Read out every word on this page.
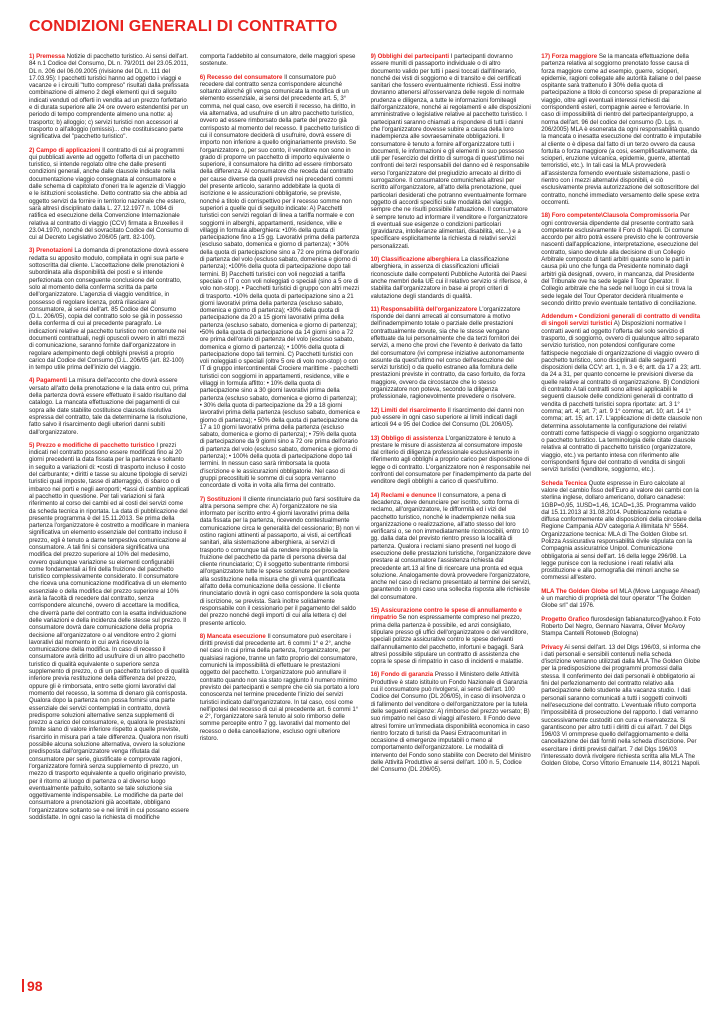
CONDIZIONI GENERALI DI CONTRATTO

1) Premessa Notizie di pacchetto turistico. Ai sensi dell'art. 84 n.1 Codice del Consumo, DL n. 79/2011 del 23.05.2011, DL n. 206 del 06.09.2005 (rivisione del DL n. 111 del 17.03.95): I pacchetti turistici hanno ad oggetto i viaggi e vacanze e i circuiti "tutto compreso" risultati dalla prefissata combinazione di almeno 2 degli elementi qui di seguito indicati venduti od offerti in vendita ad un prezzo forfettario e di durata superiore alle 24 ore ovvero estendentisi per un periodo di tempo comprendente almeno una notte: a) trasporto; b) alloggio; c) servizi turistici non accessori al trasporto o all'alloggio (omissis)... che costituiscano parte significativa del "pacchetto turistico".

2) Campo di applicazioni Il contratto di cui ai programmi qui pubblicati avente ad oggetto l'offerta di un pacchetto turistico, si intende regolato oltre che dalle presenti condizioni generali, anche dalle clausole indicate nella documentazione viaggio consegnata al consumatore e dalle schema di capitolato d'oneri tra le agenzie di Viaggio e le istituzioni scolastiche. Detto contratto sia che abbia ad oggetto servizi da fornire in territorio nazionale che estero, sarà altresì disciplinato dalla L. 27.12.1977 n. 1084 di ratifica ed esecuzione della Convenzione Internazionale relativa al contratto di viaggio (CCV) firmata a Bruxelles il 23.04.1970, nonché del sovracitato Codice del Consumo di cui al Decreto Legislativo 206/05 (artt. 82-100).

3) Prenotazioni La domanda di prenotazione dovrà essere redatta su apposito modulo, compilata in ogni sua parte e sottoscritta dal cliente. L'accettazione delle prenotazioni è subordinata alla disponibilità dei posti e si intende perfezionata con conseguente conclusione del contratto, solo al momento della conferma scritta da parte dell'organizzatore. L'agenzia di viaggio venditrice, in possesso di regolare licenza, potrà rilasciare al consumatore, ai sensi dell'art. 85 Codice del Consumo (D.L. 206/05), copia del contratto solo se già in possesso della conferma di cui al precedente paragrafo. Le indicazioni relative al pacchetto turistico non contenute nei documenti contrattuali, negli opuscoli ovvero in altri mezzi di comunicazione, saranno fornite dall'organizzatore in regolare adempimento degli obblighi previsti a proprio carico dal Codice del Consumo (D.L. 206/05 (art. 82-100) in tempo utile prima dell'inizio del viaggio.

4) Pagamenti La misura dell'acconto che dovrà essere versato all'atto della prenotazione e la data entro cui, prima della partenza dovrà essere effettuato il saldo risultano dal catalogo. La mancata effettuazione dei pagamenti di cui sopra alle date stabilite costituisce clausola risolutiva espressa del contratto, tale da determinarne la risoluzione, fatto salvo il risarcimento degli ulteriori danni subiti dall'organizzatore.

5) Prezzo e modifiche di pacchetto turistico I prezzi indicati nel contratto possono essere modificati fino ai 20 giorni precedenti la data fissata per la partenza e soltanto in seguito a variazioni di: •costi di trasporto incluso il costo del carburante; • diritti e tasse su alcune tipologie di servizi turistici quali imposte, tasse di atterraggio, di sbarco o di imbarco nei porti e negli aeroporti; •tassi di cambio applicati al pacchetto in questione. Per tali variazioni si farà riferimento al corso dei cambi ed ai costi dei servizi come da scheda tecnica in riportata. La data di pubblicazione del presente programma è del 15.11.2013. Se prima della partenza l'organizzatore è costretto a modificare in maniera significativa un elemento essenziale del contratto incluso il prezzo, egli è tenuto a darne tempestiva comunicazione al consumatore. A tali fini si considera significativa una modifica del prezzo superiore al 10% del medesimo, ovvero qualunque variazione su elementi configurabili come fondamentali ai fini della fruizione del pacchetto turistico complessivamente considerato. Il consumatore che riceva una comunicazione modificativa di un elemento essenziale o della modifica del prezzo superiore al 10% avrà la facoltà di recedere dal contratto, senza corrispondere alcunché, ovvero di accettare la modifica, che diverrà parte del contratto con la esatta individuazione delle variazioni e della incidenza delle stesse sul prezzo. Il consumatore dovrà dare comunicazione della propria decisione all'organizzatore o al venditore entro 2 giorni lavorativi dal momento in cui avrà ricevuto la comunicazione della modifica. In caso di recesso il consumatore avrà diritto ad usufruire di un altro pacchetto turistico di qualità equivalente o superiore senza supplemento di prezzo, o di un pacchetto turistico di qualità inferiore previa restituzione della differenza del prezzo, oppure gli è rimborsata, entro sette giorni lavorativi dal momento del recesso, la somma di denaro già corrisposta. Qualora dopo la partenza non possa fornirsi una parte essenziale dei servizi contemplati in contratto, dovrà predisporre soluzioni alternative senza supplementi di prezzo a carico del consumatore, e, qualora le prestazioni fornite siano di valore inferiore rispetto a quelle previste, risarcirlo in misura pari a tale differenza. Qualora non risulti possibile alcuna soluzione alternativa, ovvero la soluzione predisposta dall'organizzatore venga rifiutata dal consumatore per serie, giustificate e comprovate ragioni, l'organizzatore fornirà senza supplemento di prezzo, un mezzo di trasporto equivalente a quello originario previsto, per il ritorno al luogo di partenza o al diverso luogo eventualmente pattuito, soltanto se tale soluzione sia oggettivamente indispensabile. Le modifiche da parte del consumatore a prenotazioni già accettate, obbligano l'organizzatore soltanto se e nei limiti in cui possano essere soddisfatte. In ogni caso la richiesta di modifiche

comporta l'addebito al consumatore, delle maggiori spese sostenute.

6) Recesso del consumatore Il consumatore può recedere dal contratto senza corrispondere alcunché soltanto allorché gli venga comunicata la modifica di un elemento essenziale, ai sensi del precedente art. 5, 3° comma, nel qual caso, ove eserciti il recesso, ha diritto, in via alternativa, ad usufruire di un altro pacchetto turistico, ovvero ad essere rimborsato della parte del prezzo già corrisposto al momento del recesso. Il pacchetto turistico di cui il consumatore deciderà di usufruire, dovrà essere di importo non inferiore a quello originariamente previsto. Se l'organizzatore o, per suo conto, il venditore non sono in grado di proporre un pacchetto di importo equivalente o superiore, il consumatore ha diritto ad essere rimborsato della differenza. Al consumatore che receda dal contratto per cause diverse da quelli previsti nei precedenti commi del presente articolo, saranno addebitate la quota di iscrizione e le assicurazioni obbligatorie, se previste, nonché a titolo di corrispettivo per il recesso somme non superiori a quelle qui di seguito indicate: A) Pacchetti turistici con servizi regolari di linea a tariffa normale e con soggiorni in alberghi, appartamenti, residence, ville e villaggi in formula alberghiera: •10% della quota di partecipazione fino a 15 gg. Lavorativi prima della partenza (escluso sabato, domenica e giorno di partenza); • 30% della quota di partecipazione sino a 72 ore prima dell'orario di partenza del volo (escluso sabato, domenica e giorno di partenza); •100% della quota di partecipazione dopo tali termini. B) Pacchetti turistici con voli negoziati a tariffa speciale o IT o con voli noleggiati o speciali (sino a 5 ore di volo non-stop). • Pacchetti turistici di gruppo con altri mezzi di trasporto. •10% della quota di partecipazione sino a 21 giorni lavorativi prima della partenza (escluso sabato, domenica e giorno di partenza); •30% della quota di partecipazione da 20 a 15 giorni lavorativi prima della partenza (escluso sabato, domenica e giorno di partenza); •50% della quota di partecipazione da 14 giorni sino a 72 ore prima dell'orario di partenza del volo (escluso sabato, domenica e giorno di partenza); • 100% della quota di partecipazione dopo tali termini. C) Pacchetti turistici con voli noleggiati o speciali (oltre 5 ore di volo non-stop) o con IT di gruppo intercontinentali Crociere marittime - pacchetti turistici con soggiorni in appartamenti, residence, ville e villaggi in formula affitto: • 10% della quota di partecipazione sino a 30 giorni lavorativi prima della partenza (escluso sabato, domenica e giorno di partenza); • 30% della quota di partecipazione da 29 a 18 giorni lavorativi prima della partenza (escluso sabato, domenica e giorno di partenza); • 50% della quota di partecipazione da 17 a 10 giorni lavorativi prima della partenza (escluso sabato, domenica e giorno di partenza); • 75% della quota di partecipazione da 9 giorni sino a 72 ore prima dell'orario di partenza del volo (escluso sabato, domenica e giorno di partenza); • 100% della quota di partecipazione dopo tali termini. In nessun caso sarà rimborsata la quota d'iscrizione e le assicurazioni obbligatorie. Nel caso di gruppi precostituiti le somme di cui sopra verranno concordate di volta in volta alla firma del contratto.

7) Sostituzioni Il cliente rinunciatario può farsi sostituire da altra persona sempre che: A) l'organizzatore ne sia informato per iscritto entro 4 giorni lavorativi prima della data fissata per la partenza, ricevendo contestualmente comunicazione circa le generalità del cessionario; B) non vi ostino ragioni attinenti al passaporto, ai visti, ai certificati sanitari, alla sistemazione alberghiera, ai servizi di trasporto o comunque tali da rendere impossibile la fruizione del pacchetto da parte di persona diversa dal cliente rinunciatario; C) il soggetto subentrante rimborsi all'organizzatore tutte le spese sostenute per procedere alla sostituzione nella misura che gli verrà quantificata all'atto della comunicazione della cessione. Il cliente rinunciatario dovrà in ogni caso corrispondere la sola quota di iscrizione, se prevista. Sarà inoltre solidalmente responsabile con il cessionario per il pagamento del saldo del prezzo nonché degli importi di cui alla lettera c) del presente articolo.

8) Mancata esecuzione Il consumatore può esercitare i diritti previsti dal precedente art. 6 commi 1° e 2°, anche nel caso in cui prima della partenza, l'organizzatore, per qualsiasi ragione, tranne un fatto proprio del consumatore, comunichi la impossibilità di effettuare le prestazioni oggetto del pacchetto. L'organizzatore può annullare il contratto quando non sia stato raggiunto il numero minimo previsto dei partecipanti e sempre che ciò sia portato a loro conoscenza nel termine precedente l'inizio dei servizi turistici indicato dall'organizzatore. In tal caso, così come nell'ipotesi del recesso di cui al precedente art. 6 commi 1° e 2°, l'organizzatore sarà tenuto al solo rimborso delle somme percepite entro 7 gg. lavorativi dal momento del recesso o della cancellazione, escluso ogni ulteriore ristoro.

9) Obblighi dei partecipanti I partecipanti dovranno essere muniti di passaporto individuale o di altro documento valido per tutti i paesi toccati dall'itinerario, nonché dei visti di soggiorno e di transito e dei certificati sanitari che fossero eventualmente richiesti. Essi inoltre dovranno attenersi all'osservanza delle regole di normale prudenza e diligenza, a tutte le informazioni forniteagli dall'organizzatore, nonché ai regolamenti e alle disposizioni amministrative o legislative relative al pacchetto turistico. I partecipanti saranno chiamati a rispondere di tutti i danni che l'organizzatore dovesse subire a causa della loro inadempienza alle sovraesaminate obbligazioni. Il consumatore è tenuto a fornire all'organizzatore tutti i documenti, le informazioni e gli elementi in suo possesso utili per l'esercizio del diritto di surroga di quest'ultimo nei confronti dei terzi responsabili del danno ed è responsabile verso l'organizzatore del pregiudizio arrecato al diritto di surrogazione. Il consumatore comunicherà altresì per iscritto all'organizzatore, all'atto della prenotazione, quei particolari desiderati che potranno eventualmente formare oggetto di accordi specifici sulle modalità del viaggio, sempre che ne risulti possibile l'attuazione. Il consumatore è sempre tenuto ad informare il venditore e l'organizzatore di eventuali sue esigenze o condizioni particolari (gravidanza, intolleranze alimentari, disabilità, etc...) e a specificare esplicitamente la richiesta di relativi servizi personalizzati.

10) Classificazione alberghiera La classificazione alberghiera, in assenza di classificazioni ufficiali riconosciute dalle competenti Pubbliche Autorità dei Paesi anche membri della UE cui il relativo servizio si riferisce, è stabilita dall'organizzatore in base ai propri criteri di valutazione degli standards di qualità.

11) Responsabilità dell'organizzatore L'organizzatore risponde dei danni arrecati al consumatore a motivo dell'inadempimento totale o parziale delle prestazioni contrattualmente dovute, sia che le stesse vengano effettuate da lui personalmente che da terzi fornitori dei servizi, a meno che provi che l'evento è derivato da fatto del consumatore (ivi comprese iniziative autonomamente assunte da quest'ultimo nel corso dell'esecuzione dei servizi turistici) o da quello estraneo alla fornitura delle prestazioni previste in contratto, da caso fortuito, da forza maggiore, ovvero da circostanze che lo stesso organizzatore non poteva, secondo la diligenza professionale, ragionevolmente prevedere o risolvere.

12) Limiti del risarcimento Il risarcimento dei danni non può essere in ogni caso superiore ai limiti indicati dagli articoli 94 e 95 del Codice del Consumo (DL 206/05).

13) Obbligo di assistenza L'organizzatore è tenuto a prestare le misure di assistenza al consumatore imposte dal criterio di diligenza professionale esclusivamente in riferimento agli obblighi a proprio carico per disposizione di legge o di contratto. L'organizzatore non è responsabile nei confronti del consumatore per l'inadempimento da parte del venditore degli obblighi a carico di quest'ultimo.

14) Reclami e denunce Il consumatore, a pena di decadenza, deve denunciare per iscritto, sotto forma di reclamo, all'organizzatore, le difformità ed i vizi del pacchetto turistico, nonché le inadempienze nella sua organizzazione o realizzazione, all'atto stesso del loro verificarsi o, se non immediatamente riconoscibili, entro 10 gg. dalla data del previsto rientro presso la località di partenza. Qualora i reclami siano presenti nel luogo di esecuzione delle prestazioni turistiche, l'organizzatore deve prestare al consumatore l'assistenza richiesta dal precedente art.13 al fine di ricercare una pronta ed equa soluzione. Analogamente dovrà provvedere l'organizzatore, anche nel caso di reclamo presentato al termine dei servizi, garantendo in ogni caso una sollecita risposta alle richieste del consumatore.

15) Assicurazione contro le spese di annullamento e rimpatrio Se non espressamente compreso nel prezzo, prima della partenza è possibile, ed anzi consigliato, stipulare presso gli uffici dell'organizzatore o del venditore, speciali polizze assicurative contro le spese derivanti dall'annullamento del pacchetto, infortuni e bagagli. Sarà altresì possibile stipulare un contratto di assistenza che copra le spese di rimpatrio in caso di incidenti e malattie.

16) Fondo di garanzia Presso il Ministero delle Attività Produttive è stato istituito un Fondo Nazionale di Garanzia cui il consumatore può rivolgersi, ai sensi dell'art. 100 Codice del Consumo (DL 206/05), in caso di insolvenza o di fallimento del venditore o dell'organizzatore per la tutela delle seguenti esigenze: A) rimborso del prezzo versato; B) suo rimpatrio nel caso di viaggi all'estero. Il Fondo deve altresì fornire un'immediata disponibilità economica in caso rientro forzato di turisti da Paesi Extracomunitari in occasione di emergenze imputabili o meno al comportamento dell'organizzatore. Le modalità di intervento del Fondo sono stabilite con Decreto del Ministro delle Attività Produttive ai sensi dell'art. 100 n. 5, Codice del Consumo (DL 206/05).

17) Forza maggiore Se la mancata effettuazione della partenza relativa al soggiorno prenotato fosse causa di forza maggiore come ad esempio, guerre, scioperi, epidemie, ragioni collegate alle autorità italiane o del paese ospitante sarà trattenuto il 30% della quota di partecipazione a titolo di concorso spese di preparazione al viaggio, oltre agli eventuali interessi richiesti dai corrispondenti esteri, compagnie aeree e ferroviarie. In caso di impossibilità di rientro del partecipante/gruppo, a norma dell'art. 96 del codice del consumo (D. Lgs. n. 206/2005) MLA è esonerata da ogni responsabilità quando la mancata o inesatta esecuzione del contratto è imputabile al cliente o è dipesa dal fatto di un terzo ovvero da causa fortuita o forza maggiore (a cosi, esemplificativamente, da scioperi, eruzione vulcanica, epidemie, guerre, attentati terroristici, etc.). In tali casi la MLA provvederà all'assistenza fornendo eventuale sistemazione, pasti o rientro con i mezzi alternativi disponibili, e ciò esclusivamente previa autorizzazione del sottoscrittore del contratto, nonché immediato versamento delle spese extra occorrenti.

18) Foro competente\Clausola Compromissoria Per ogni controversia dipendente dal presente contratto sarà competente esclusivamente il Foro di Napoli. Di comune accordo per altro potrà essere previsto che le controversie nascenti dall'applicazione, interpretazione, esecuzione del contratto, siano devolute alla decisione di un Collegio Arbitrale composto di tanti arbitri quante sono le parti in causa più uno che funga da Presidente nominato dagli arbitri già designati, ovvero, in mancanza, dal Presidente del Tribunale ove ha sede legale il Tour Operator. Il Collegio arbitrale che ha sede nel luogo in cui si trova la sede legale del Tour Operator deciderà ritualmente e secondo diritto previo eventuale tentativo di conciliazione.

Addendum • Condizioni generali di contratto di vendita di singoli servizi turistici A) Disposizioni normative I contratti aventi ad oggetto l'offerta del solo servizio di trasporto, di soggiorno, ovvero di qualunque altro separato servizio turistico, non potendosi configurare come fattispecie negoziale di organizzazione di viaggio ovvero di pacchetto turistico, sono disciplinati dalle seguenti disposizioni della CCV: art. 1, n. 3 e 6; artt. da 17 a 23; artt. da 24 a 31, per quanto concerne le previsioni diverse da quelle relative al contratto di organizzazione. B) Condizioni di contratto A tali contratti sono altresì applicabili le seguenti clausole delle condizioni generali di contratto di vendita di pacchetti turistici sopra riportate: art. 3 1° comma; art. 4; art. 7; art. 9 1° comma; art. 10; art. 14 1° comma; art. 15; art. 17. L'applicazione di dette clausole non determina assolutamente la configurazione dei relativi contratti come fattispecie di viaggi o soggiorno organizzato o pacchetto turistico. La terminologia delle citate clausole relativa al contratto di pacchetto turistico (organizzatore, viaggio, etc.) va pertanto intesa con riferimento alle corrispondenti figure del contratto di vendita di singoli servizi turistici (venditore, soggiorno, etc.).

Scheda Tecnica Quote espresse in Euro calcolate al valore del cambio fisso dell'Euro al valore dei cambi con la sterlina inglese, dollaro americano, dollaro canadese: 1GBP=0,95, 1USD=1,46, 1CAD=1,35. Programma valido dal 15.11.2013 al 31.08.2014. Pubblicazione redatta e diffusa conformemente alle disposizioni della circolare della Regione Campania ADV categoria A illimitata N° 5564. Organizzazione tecnica: MLA di The Golden Globe srl. Polizza Assicurativa responsabilità civile stipulata con la Compagnia assicuratrice Unipol. Comunicazione obbligatoria ai sensi dell'art. 16 della legge 296/98. La legge punisce con la reclusione i reati relativi alla prostituzione e alla pornografia dei minori anche se commessi all'estero.

MLA The Golden Globe srl MLA (Move Language Ahead) è un marchio di proprietà del tour operator "The Golden Globe srl" dal 1976.

Progetto Grafico flurosdesign fabianaturco@yahoo.it Foto Roberto Del Negro, Gennaro Navarra, Oliver McAvoy Stampa Cantelli Rotoweb (Bologna)

Privacy Ai sensi dell'art. 13 del Dlgs 196/03, si informa che i dati personali e sensibili contenuti nella scheda d'iscrizione verranno utilizzati dalla MLA The Golden Globe per la predisposizione dei programmi promossi dalla stessa. Il conferimento dei dati personali è obbligatorio ai fini del perfezionamento del contratto relativo alla partecipazione dello studente alla vacanza studio. I dati personali saranno comunicati a tutti i soggetti coinvolti nell'esecuzione del contratto. L'eventuale rifiuto comporta l'impossibilità di prosecuzione del rapporto. I dati verranno successivamente custoditi con cura e riservatezza. Si garantiscono per altro tutti i diritti di cui all'art. 7 del Dlgs 196/03 Vi ornmprese quello dell'aggiornamento e della cancellazione dei dati forniti nella scheda d'iscrizione. Per esercitare i diritti previsti dall'art. 7 del Dlgs 196/03 l'interessato dovrà rivolgere richiesta scritta alla MLA The Golden Globe, Corso Vittorio Emanuele 114, 80121 Napoli.

98
